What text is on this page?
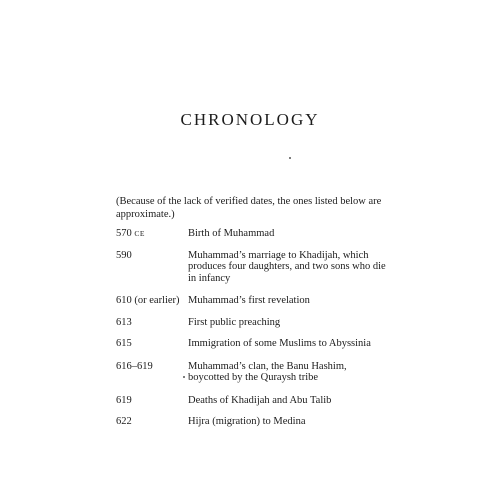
CHRONOLOGY

(Because of the lack of verified dates, the ones listed below are approximate.)

570 CE	Birth of Muhammad
590	Muhammad’s marriage to Khadijah, which produces four daughters, and two sons who die in infancy
610 (or earlier) Muhammad’s first revelation
613	First public preaching
615	Immigration of some Muslims to Abyssinia
616–619	Muhammad’s clan, the Banu Hashim, boycotted by the Quraysh tribe
619	Deaths of Khadijah and Abu Talib
622	Hijra (migration) to Medina
